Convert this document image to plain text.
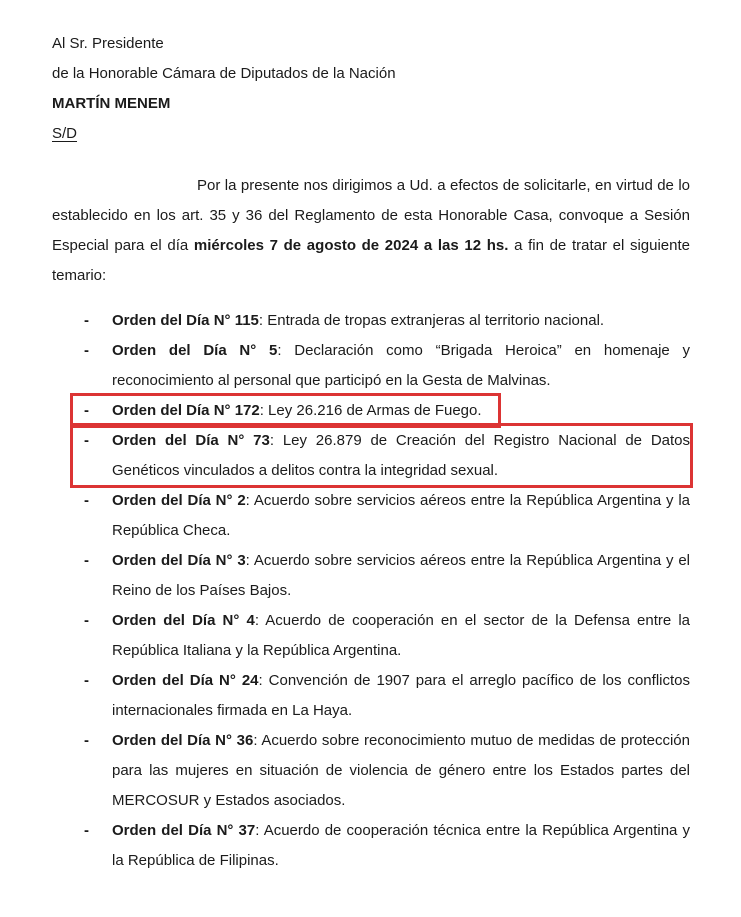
Al Sr. Presidente

de la Honorable Cámara de Diputados de la Nación

MARTÍN MENEM

S/D

Por la presente nos dirigimos a Ud. a efectos de solicitarle, en virtud de lo establecido en los art. 35 y 36 del Reglamento de esta Honorable Casa, convoque a Sesión Especial para el día miércoles 7 de agosto de 2024 a las 12 hs. a fin de tratar el siguiente temario:

- Orden del Día N° 115: Entrada de tropas extranjeras al territorio nacional.
- Orden del Día N° 5: Declaración como “Brigada Heroica” en homenaje y reconocimiento al personal que participó en la Gesta de Malvinas.
- Orden del Día N° 172: Ley 26.216 de Armas de Fuego.
- Orden del Día N° 73: Ley 26.879 de Creación del Registro Nacional de Datos Genéticos vinculados a delitos contra la integridad sexual.
- Orden del Día N° 2: Acuerdo sobre servicios aéreos entre la República Argentina y la República Checa.
- Orden del Día N° 3: Acuerdo sobre servicios aéreos entre la República Argentina y el Reino de los Países Bajos.
- Orden del Día N° 4: Acuerdo de cooperación en el sector de la Defensa entre la República Italiana y la República Argentina.
- Orden del Día N° 24: Convención de 1907 para el arreglo pacífico de los conflictos internacionales firmada en La Haya.
- Orden del Día N° 36: Acuerdo sobre reconocimiento mutuo de medidas de protección para las mujeres en situación de violencia de género entre los Estados partes del MERCOSUR y Estados asociados.
- Orden del Día N° 37: Acuerdo de cooperación técnica entre la República Argentina y la República de Filipinas.
